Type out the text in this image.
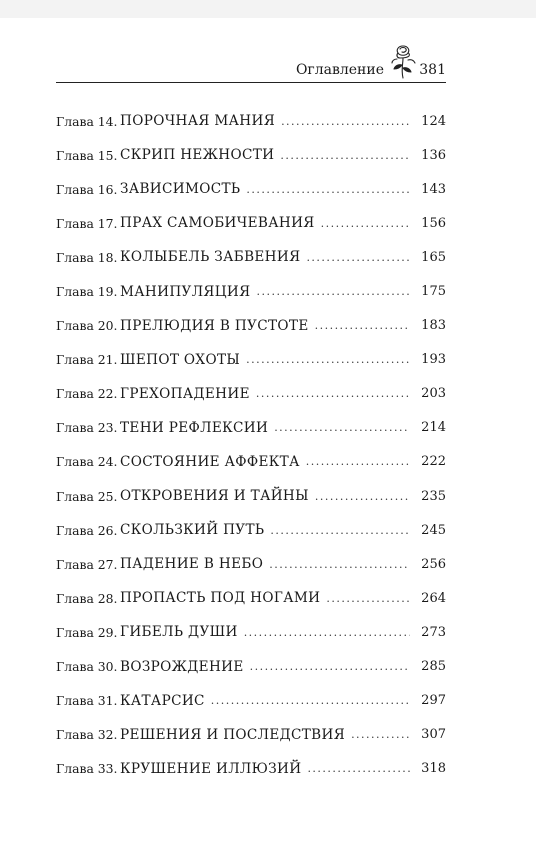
Оглавление	381
Глава 14. ПОРОЧНАЯ МАНИЯ . . .	124
Глава 15. СКРИП НЕЖНОСТИ . . .	136
Глава 16. ЗАВИСИМОСТЬ . . .	143
Глава 17. ПРАХ САМОБИЧЕВАНИЯ . . .	156
Глава 18. КОЛЫБЕЛЬ ЗАБВЕНИЯ . . .	165
Глава 19. МАНИПУЛЯЦИЯ . . .	175
Глава 20. ПРЕЛЮДИЯ В ПУСТОТЕ . . .	183
Глава 21. ШЕПОТ ОХОТЫ . . .	193
Глава 22. ГРЕХОПАДЕНИЕ . . .	203
Глава 23. ТЕНИ РЕФЛЕКСИИ . . .	214
Глава 24. СОСТОЯНИЕ АФФЕКТА . . .	222
Глава 25. ОТКРОВЕНИЯ И ТАЙНЫ . . .	235
Глава 26. СКОЛЬЗКИЙ ПУТЬ . . .	245
Глава 27. ПАДЕНИЕ В НЕБО . . .	256
Глава 28. ПРОПАСТЬ ПОД НОГАМИ . . .	264
Глава 29. ГИБЕЛЬ ДУШИ . . .	273
Глава 30. ВОЗРОЖДЕНИЕ . . .	285
Глава 31. КАТАРСИС . . .	297
Глава 32. РЕШЕНИЯ И ПОСЛЕДСТВИЯ . . .	307
Глава 33. КРУШЕНИЕ ИЛЛЮЗИЙ . . .	318
